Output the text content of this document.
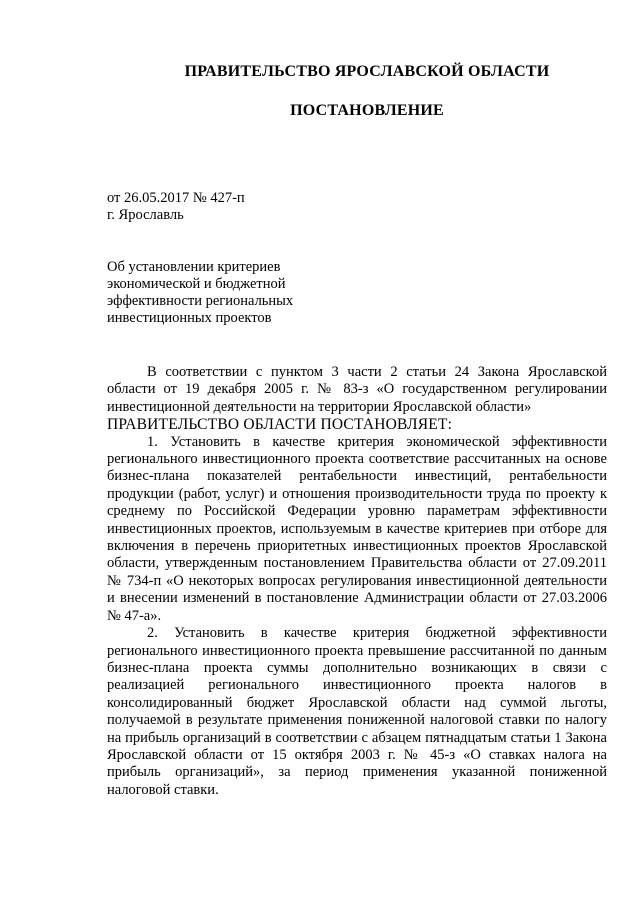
ПРАВИТЕЛЬСТВО ЯРОСЛАВСКОЙ ОБЛАСТИ
ПОСТАНОВЛЕНИЕ
от 26.05.2017 № 427-п
г. Ярославль
Об установлении критериев
экономической и бюджетной
эффективности региональных
инвестиционных проектов

В соответствии с пунктом 3 части 2 статьи 24 Закона Ярославской области от 19 декабря 2005 г. № 83-з «О государственном регулировании инвестиционной деятельности на территории Ярославской области»

ПРАВИТЕЛЬСТВО ОБЛАСТИ ПОСТАНОВЛЯЕТ:

1. Установить в качестве критерия экономической эффективности регионального инвестиционного проекта соответствие рассчитанных на основе бизнес-плана показателей рентабельности инвестиций, рентабельности продукции (работ, услуг) и отношения производительности труда по проекту к среднему по Российской Федерации уровню параметрам эффективности инвестиционных проектов, используемым в качестве критериев при отборе для включения в перечень приоритетных инвестиционных проектов Ярославской области, утвержденным постановлением Правительства области от 27.09.2011 № 734-п «О некоторых вопросах регулирования инвестиционной деятельности и внесении изменений в постановление Администрации области от 27.03.2006 № 47-а».

2. Установить в качестве критерия бюджетной эффективности регионального инвестиционного проекта превышение рассчитанной по данным бизнес-плана проекта суммы дополнительно возникающих в связи с реализацией регионального инвестиционного проекта налогов в консолидированный бюджет Ярославской области над суммой льготы, получаемой в результате применения пониженной налоговой ставки по налогу на прибыль организаций в соответствии с абзацем пятнадцатым статьи 1 Закона Ярославской области от 15 октября 2003 г. № 45-з «О ставках налога на прибыль организаций», за период применения указанной пониженной налоговой ставки.
